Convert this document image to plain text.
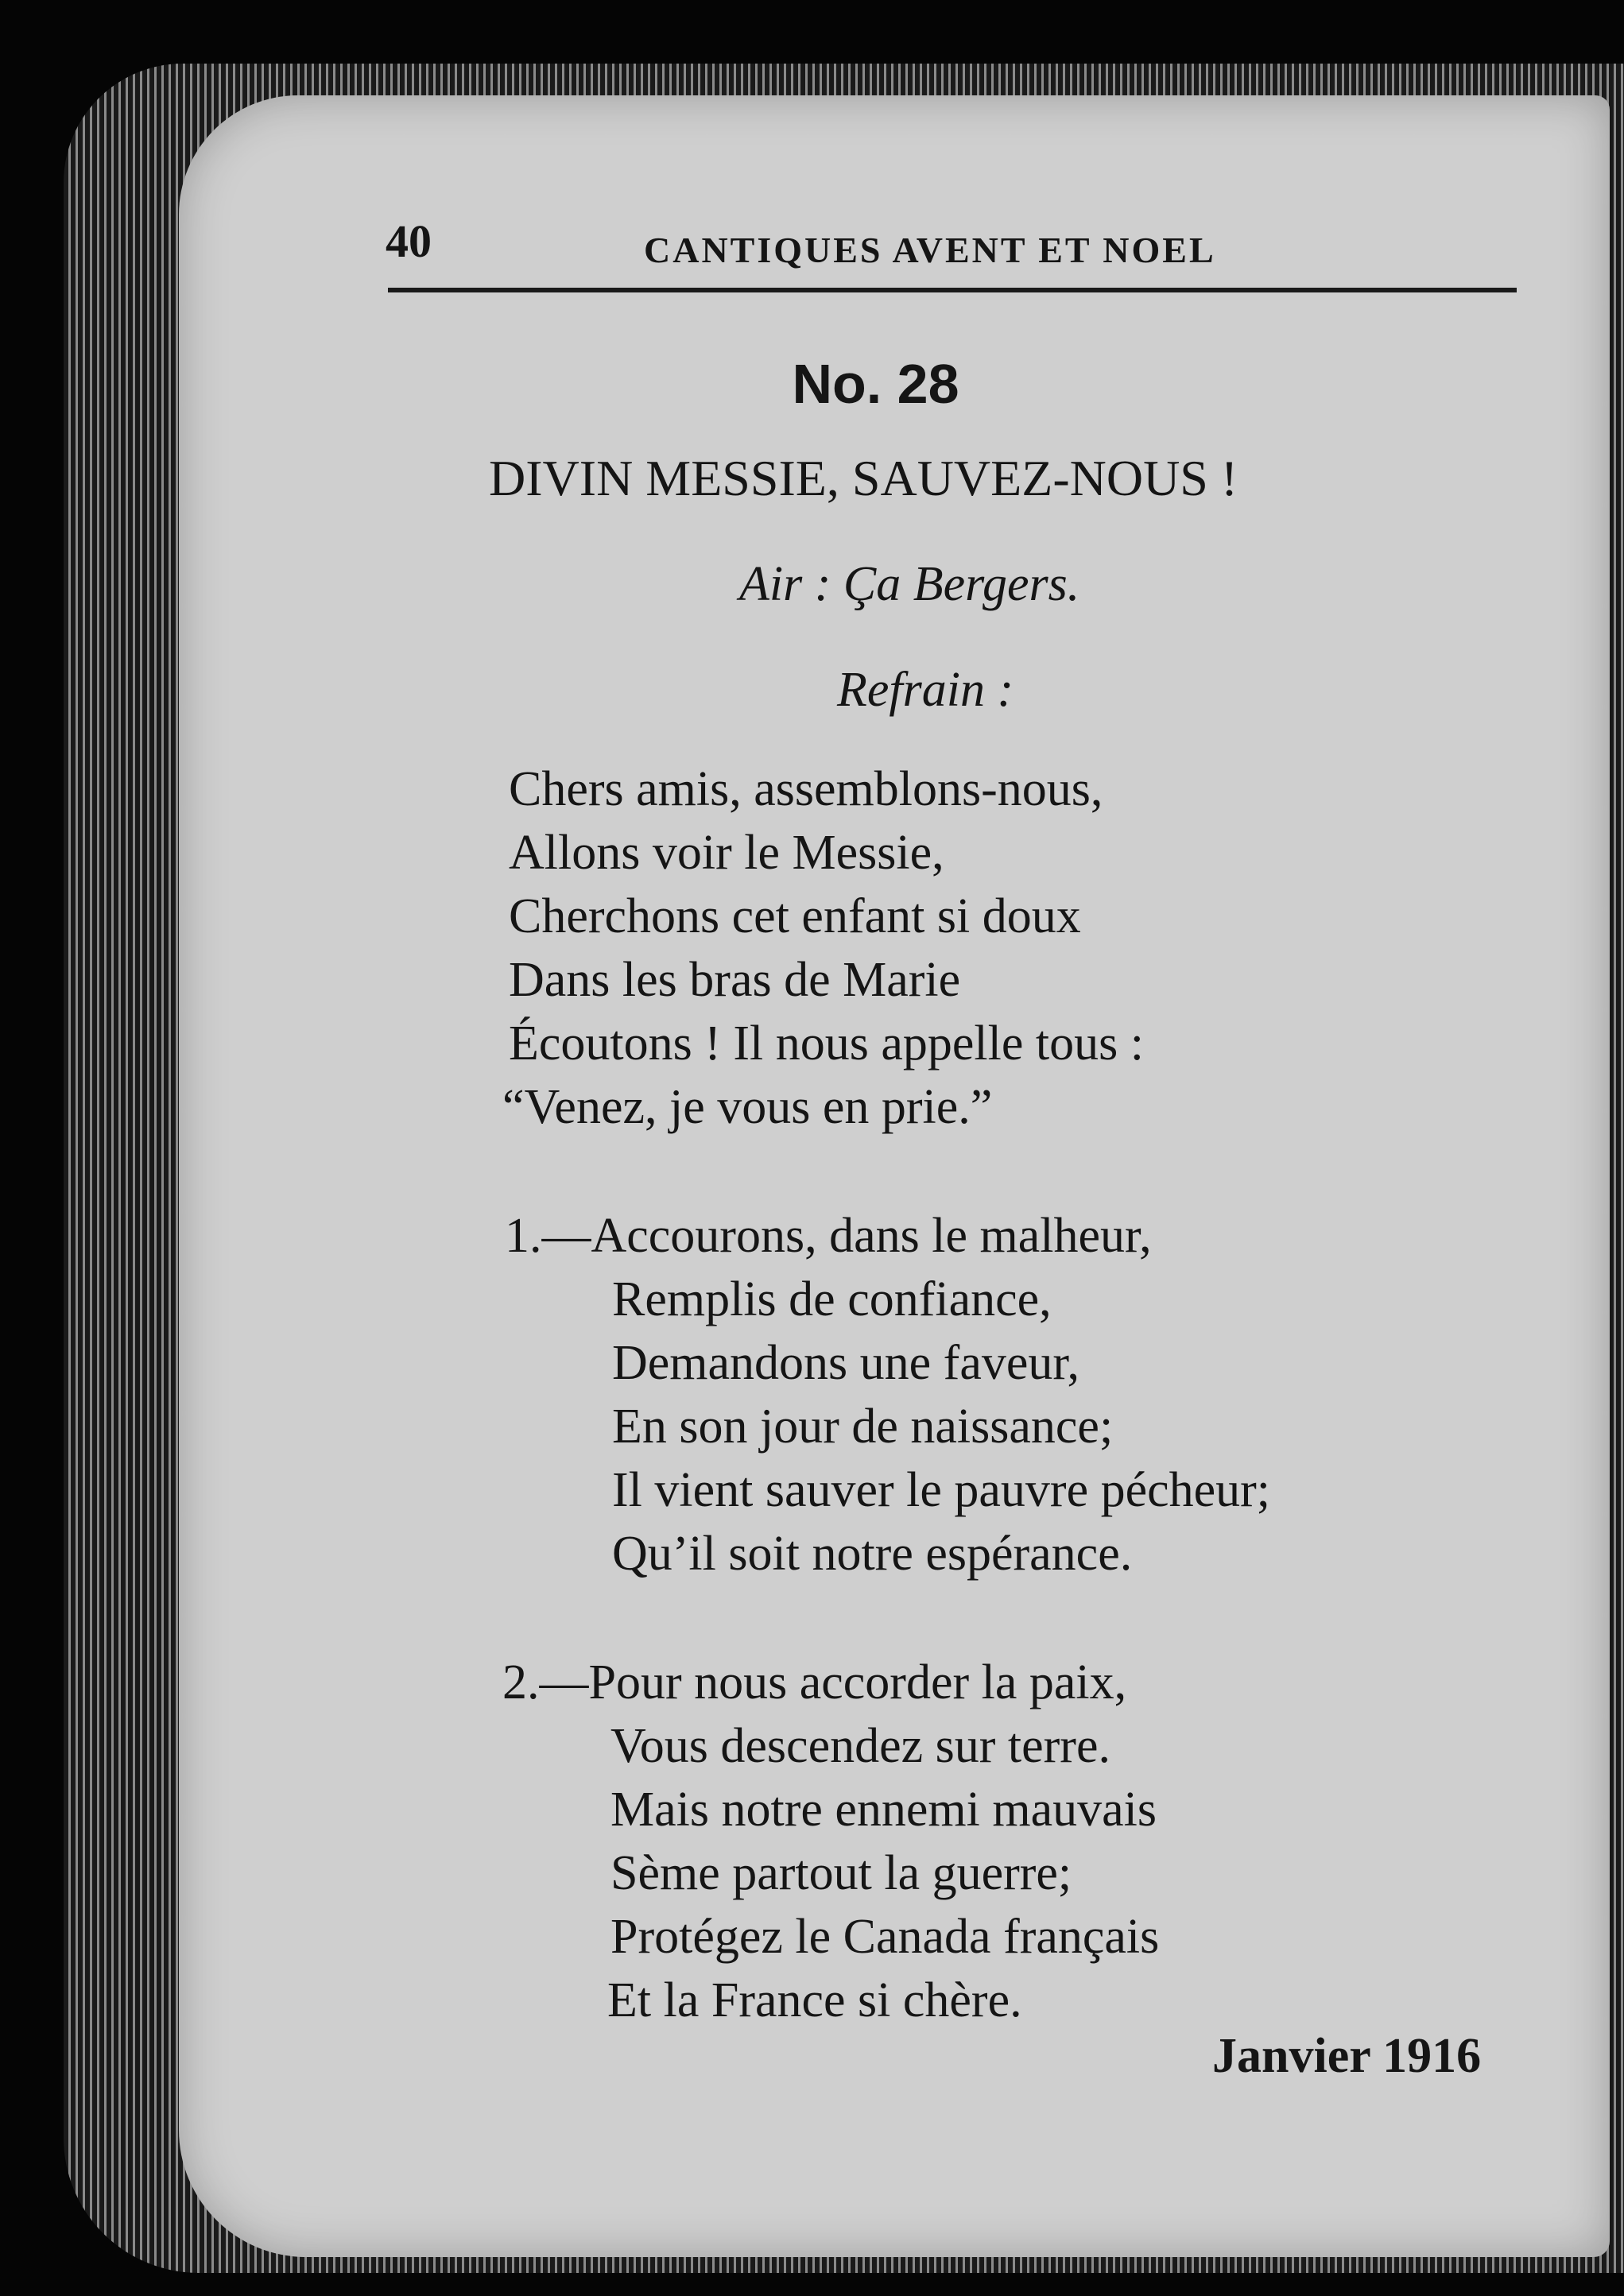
40	CANTIQUES AVENT ET NOEL
No. 28
DIVIN MESSIE, SAUVEZ-NOUS !
Air : Ça Bergers.
Refrain :
Chers amis, assemblons-nous,
Allons voir le Messie,
Cherchons cet enfant si doux
Dans les bras de Marie
Écoutons ! Il nous appelle tous :
“Venez, je vous en prie.”
1.—Accourons, dans le malheur,
Remplis de confiance,
Demandons une faveur,
En son jour de naissance;
Il vient sauver le pauvre pécheur;
Qu’il soit notre espérance.
2.—Pour nous accorder la paix,
Vous descendez sur terre.
Mais notre ennemi mauvais
Sème partout la guerre;
Protégez le Canada français
Et la France si chère.
Janvier 1916
